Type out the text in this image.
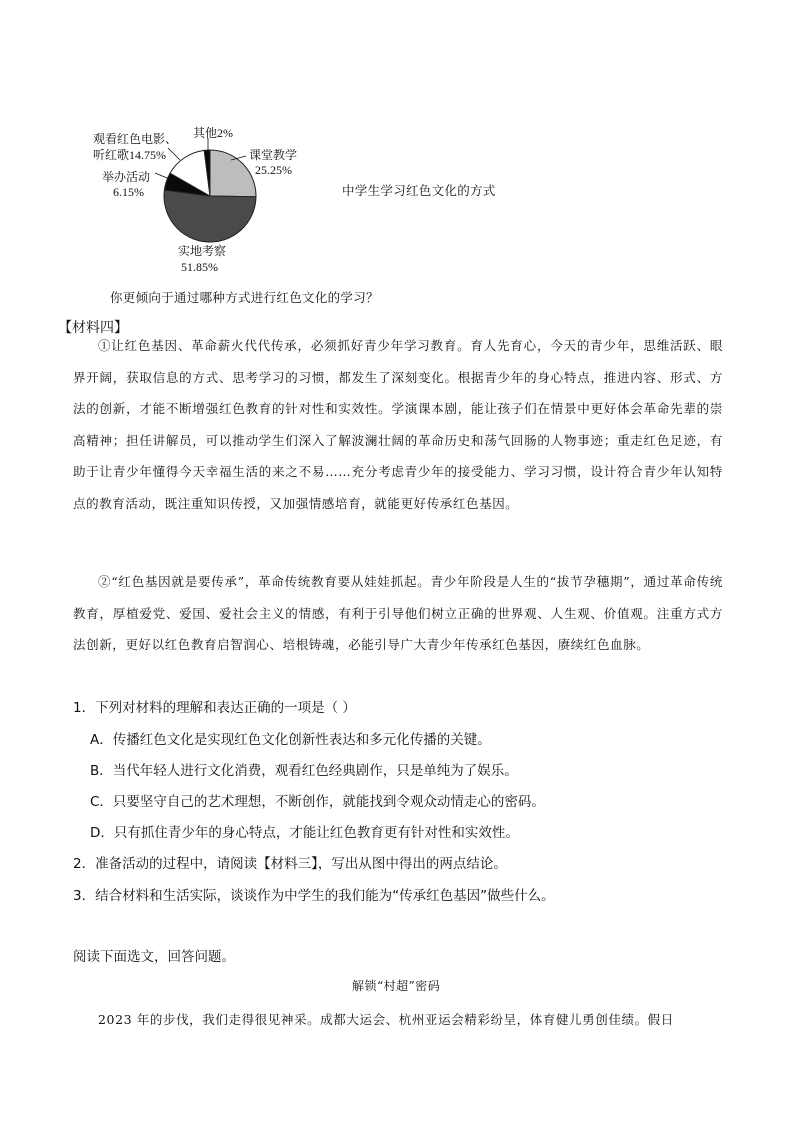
其他2%
观看红色电影、
听红歌14.75%	课堂教学
25.25%
举办活动
6.15%
实地考察
51.85%
中学生学习红色文化的方式
你更倾向于通过哪种方式进行红色文化的学习？
【材料四】

①让红色基因、革命薪火代代传承，必须抓好青少年学习教育。育人先育心，今天的青少年，思维活跃、眼界开阔，获取信息的方式、思考学习的习惯，都发生了深刻变化。根据青少年的身心特点，推进内容、形式、方法的创新，才能不断增强红色教育的针对性和实效性。学演课本剧，能让孩子们在情景中更好体会革命先辈的崇高精神；担任讲解员，可以推动学生们深入了解波澜壮阔的革命历史和荡气回肠的人物事迹；重走红色足迹，有助于让青少年懂得今天幸福生活的来之不易……充分考虑青少年的接受能力、学习习惯，设计符合青少年认知特点的教育活动，既注重知识传授，又加强情感培育，就能更好传承红色基因。

②“红色基因就是要传承”，革命传统教育要从娃娃抓起。青少年阶段是人生的“拔节孕穗期”，通过革命传统教育，厚植爱党、爱国、爱社会主义的情感，有利于引导他们树立正确的世界观、人生观、价值观。注重方式方法创新，更好以红色教育启智润心、培根铸魂，必能引导广大青少年传承红色基因，赓续红色血脉。

1．下列对材料的理解和表达正确的一项是（ ）
A．传播红色文化是实现红色文化创新性表达和多元化传播的关键。
B．当代年轻人进行文化消费，观看红色经典剧作，只是单纯为了娱乐。
C．只要坚守自己的艺术理想，不断创作，就能找到令观众动情走心的密码。
D．只有抓住青少年的身心特点，才能让红色教育更有针对性和实效性。
2．准备活动的过程中，请阅读【材料三】，写出从图中得出的两点结论。
3．结合材料和生活实际，谈谈作为中学生的我们能为“传承红色基因”做些什么。
阅读下面选文，回答问题。
解锁“村超”密码
2023 年的步伐，我们走得很见神采。成都大运会、杭州亚运会精彩纷呈，体育健儿勇创佳绩。假日
